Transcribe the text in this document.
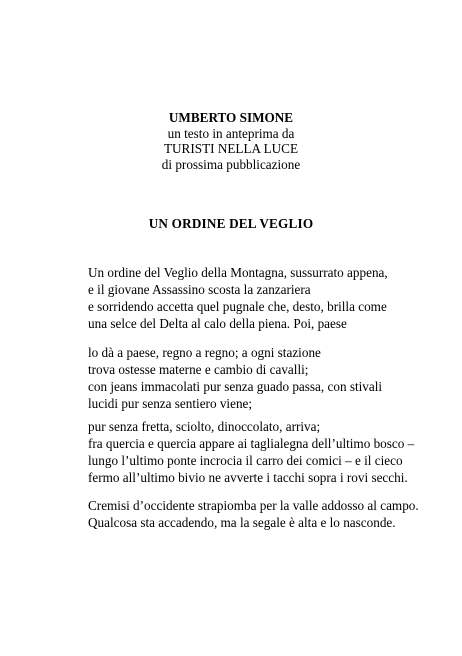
UMBERTO SIMONE
un testo in anteprima da
TURISTI NELLA LUCE
di prossima pubblicazione
UN ORDINE DEL VEGLIO
Un ordine del Veglio della Montagna, sussurrato appena,
e il giovane Assassino scosta la zanzariera
e sorridendo accetta quel pugnale che, desto, brilla come
una selce del Delta al calo della piena. Poi, paese
lo dà a paese, regno a regno; a ogni stazione
trova ostesse materne e cambio di cavalli;
con jeans immacolati pur senza guado passa, con stivali
lucidi pur senza sentiero viene;
pur senza fretta, sciolto, dinoccolato, arriva;
fra quercia e quercia appare ai taglialegna dell’ultimo bosco –
lungo l’ultimo ponte incrocia il carro dei comici – e il cieco
fermo all’ultimo bivio ne avverte i tacchi sopra i rovi secchi.
Cremisi d’occidente strapiomba per la valle addosso al campo.
Qualcosa sta accadendo, ma la segale è alta e lo nasconde.
